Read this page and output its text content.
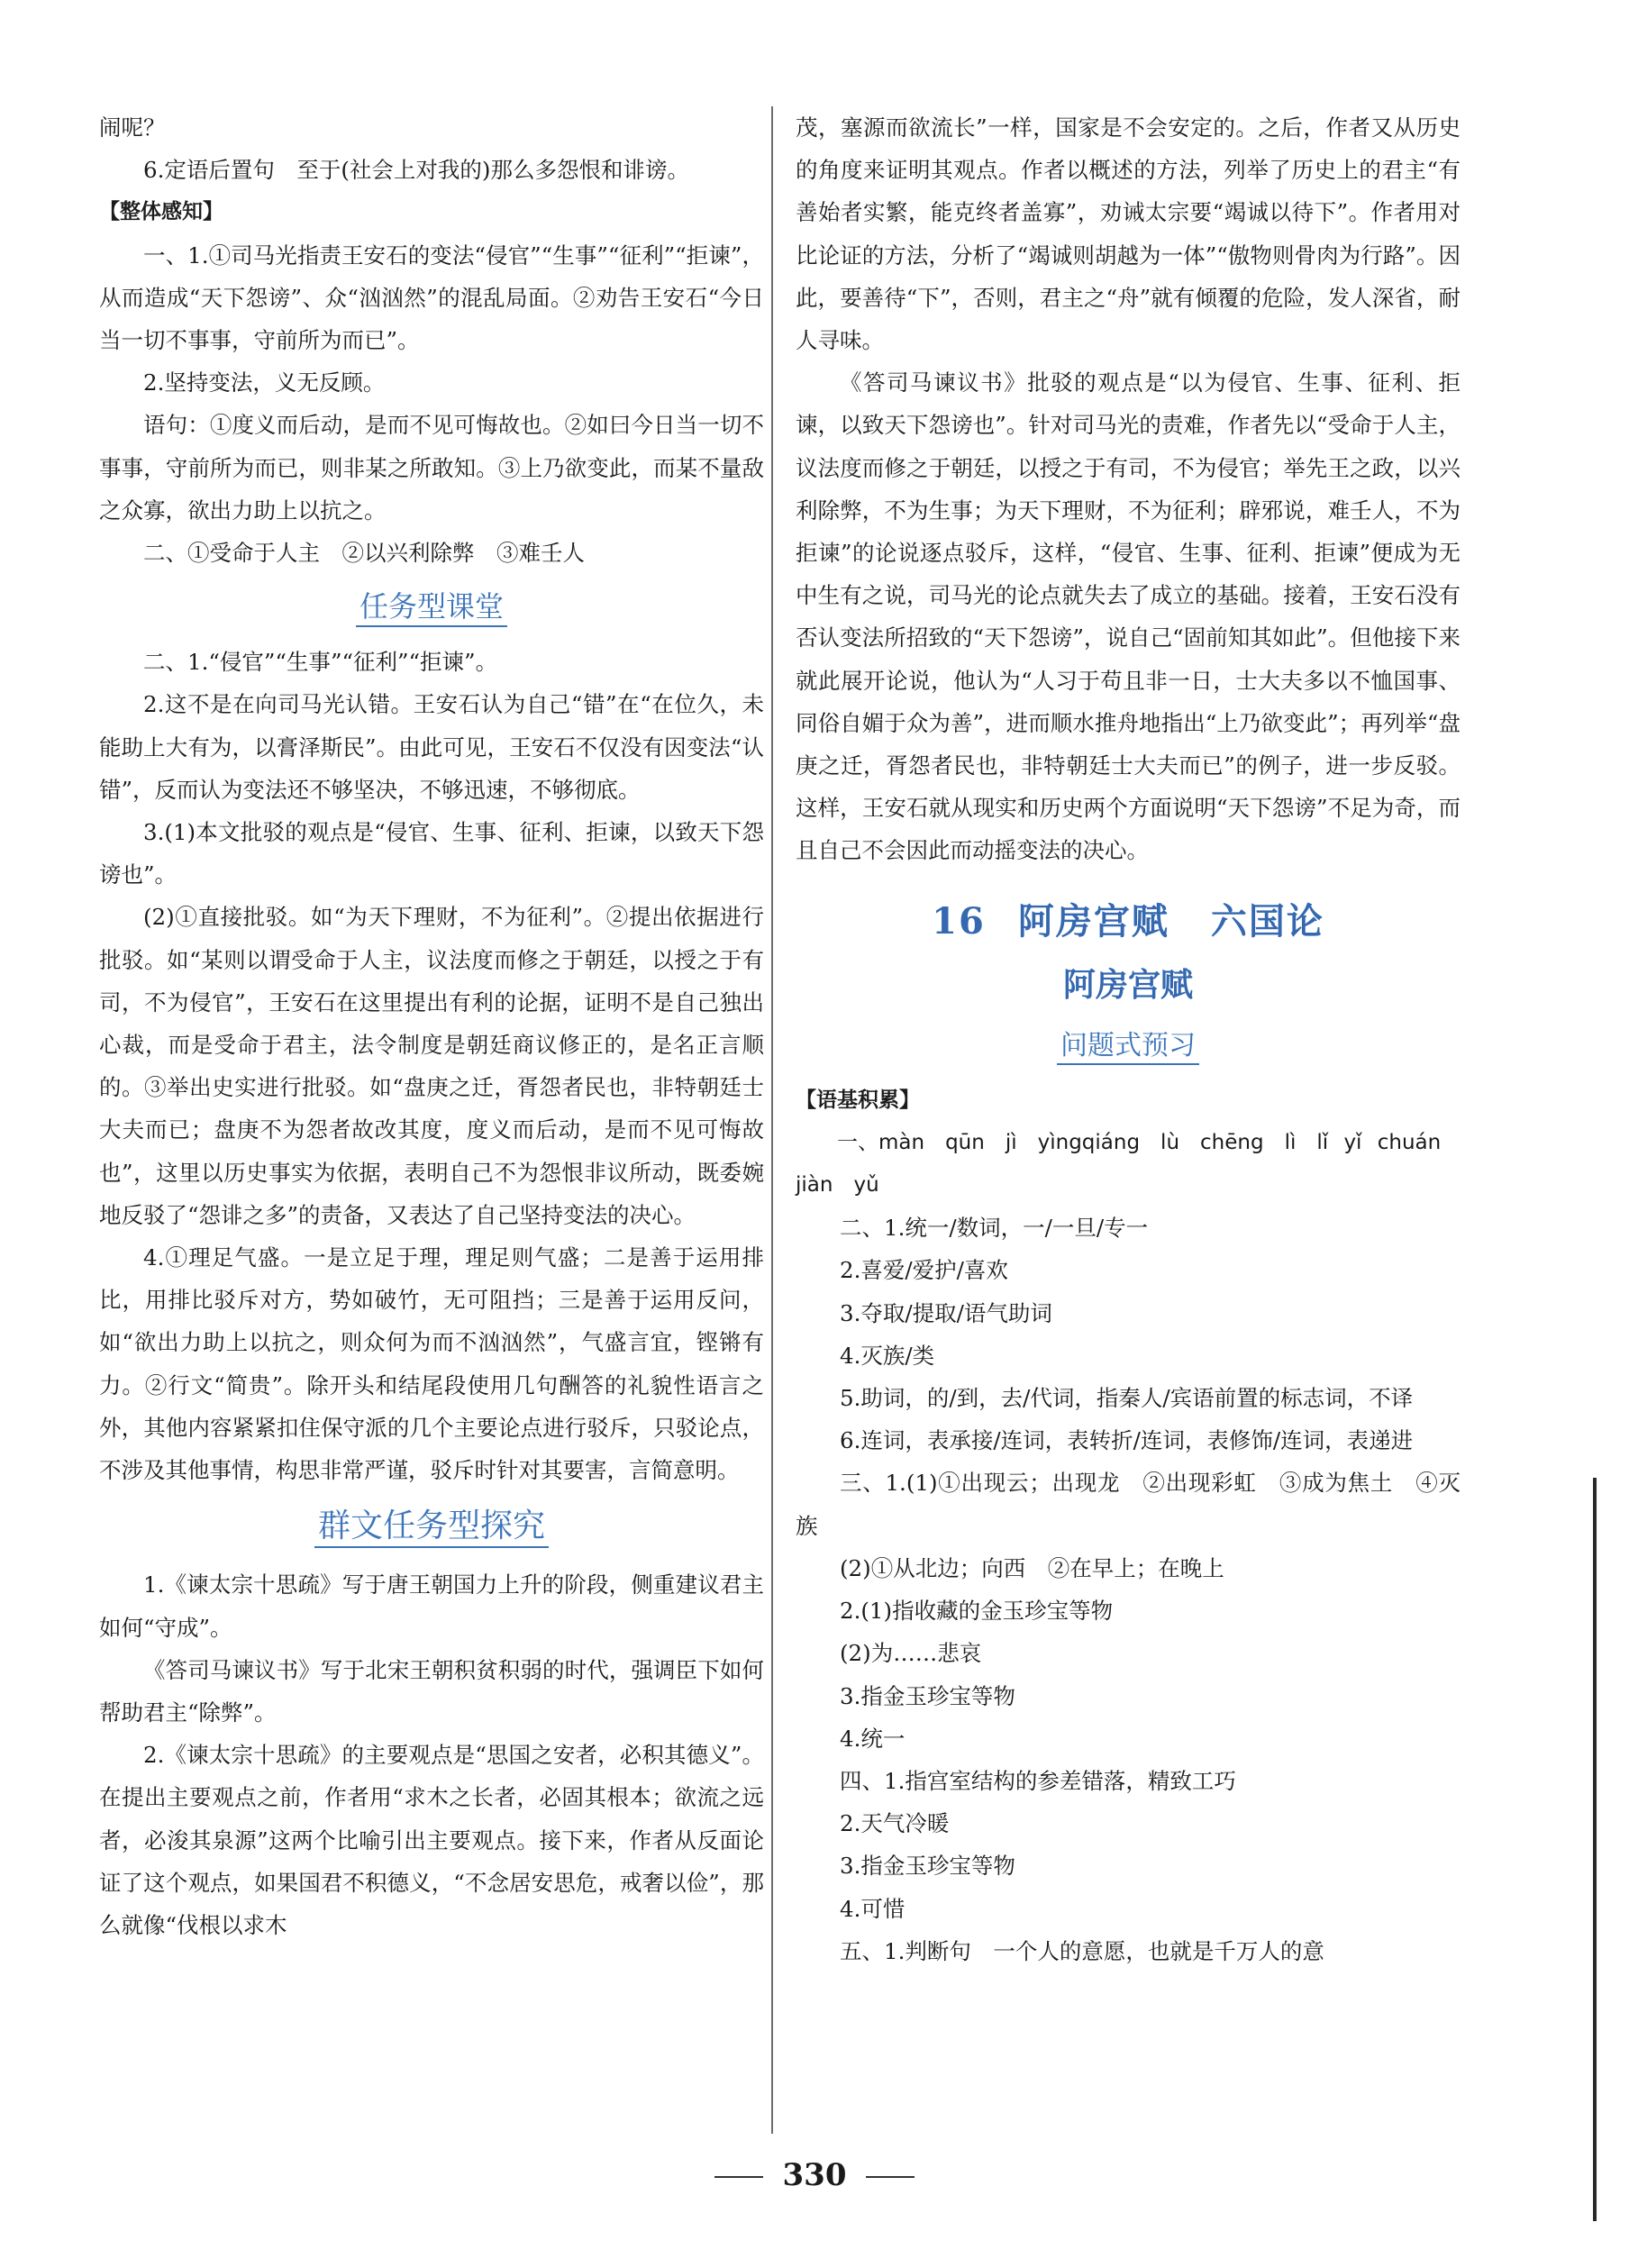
闹呢？

6.定语后置句　至于(社会上对我的)那么多怨恨和诽谤。

【整体感知】

一、1.①司马光指责王安石的变法“侵官”“生事”“征利”“拒谏”，从而造成“天下怨谤”、众“汹汹然”的混乱局面。②劝告王安石“今日当一切不事事，守前所为而已”。

2.坚持变法，义无反顾。

语句：①度义而后动，是而不见可悔故也。②如曰今日当一切不事事，守前所为而已，则非某之所敢知。③上乃欲变此，而某不量敌之众寡，欲出力助上以抗之。

二、①受命于人主　②以兴利除弊　③难壬人

任务型课堂

二、1.“侵官”“生事”“征利”“拒谏”。

2.这不是在向司马光认错。王安石认为自己“错”在“在位久，未能助上大有为，以膏泽斯民”。由此可见，王安石不仅没有因变法“认错”，反而认为变法还不够坚决，不够迅速，不够彻底。

3.(1)本文批驳的观点是“侵官、生事、征利、拒谏，以致天下怨谤也”。

(2)①直接批驳。如“为天下理财，不为征利”。②提出依据进行批驳。如“某则以谓受命于人主，议法度而修之于朝廷，以授之于有司，不为侵官”，王安石在这里提出有利的论据，证明不是自己独出心裁，而是受命于君主，法令制度是朝廷商议修正的，是名正言顺的。③举出史实进行批驳。如“盘庚之迁，胥怨者民也，非特朝廷士大夫而已；盘庚不为怨者故改其度，度义而后动，是而不见可悔故也”，这里以历史事实为依据，表明自己不为怨恨非议所动，既委婉地反驳了“怨诽之多”的责备，又表达了自己坚持变法的决心。

4.①理足气盛。一是立足于理，理足则气盛；二是善于运用排比，用排比驳斥对方，势如破竹，无可阻挡；三是善于运用反问，如“欲出力助上以抗之，则众何为而不汹汹然”，气盛言宜，铿锵有力。②行文“简贵”。除开头和结尾段使用几句酬答的礼貌性语言之外，其他内容紧紧扣住保守派的几个主要论点进行驳斥，只驳论点，不涉及其他事情，构思非常严谨，驳斥时针对其要害，言简意明。

群文任务型探究

1.《谏太宗十思疏》写于唐王朝国力上升的阶段，侧重建议君主如何“守成”。

《答司马谏议书》写于北宋王朝积贫积弱的时代，强调臣下如何帮助君主“除弊”。

2.《谏太宗十思疏》的主要观点是“思国之安者，必积其德义”。在提出主要观点之前，作者用“求木之长者，必固其根本；欲流之远者，必浚其泉源”这两个比喻引出主要观点。接下来，作者从反面论证了这个观点，如果国君不积德义，“不念居安思危，戒奢以俭”，那么就像“伐根以求木

茂，塞源而欲流长”一样，国家是不会安定的。之后，作者又从历史的角度来证明其观点。作者以概述的方法，列举了历史上的君主“有善始者实繁，能克终者盖寡”，劝诫太宗要“竭诚以待下”。作者用对比论证的方法，分析了“竭诚则胡越为一体”“傲物则骨肉为行路”。因此，要善待“下”，否则，君主之“舟”就有倾覆的危险，发人深省，耐人寻味。

《答司马谏议书》批驳的观点是“以为侵官、生事、征利、拒谏，以致天下怨谤也”。针对司马光的责难，作者先以“受命于人主，议法度而修之于朝廷，以授之于有司，不为侵官；举先王之政，以兴利除弊，不为生事；为天下理财，不为征利；辟邪说，难壬人，不为拒谏”的论说逐点驳斥，这样，“侵官、生事、征利、拒谏”便成为无中生有之说，司马光的论点就失去了成立的基础。接着，王安石没有否认变法所招致的“天下怨谤”，说自己“固前知其如此”。但他接下来就此展开论说，他认为“人习于苟且非一日，士大夫多以不恤国事、同俗自媚于众为善”，进而顺水推舟地指出“上乃欲变此”；再列举“盘庚之迁，胥怨者民也，非特朝廷士大夫而已”的例子，进一步反驳。这样，王安石就从现实和历史两个方面说明“天下怨谤”不足为奇，而且自己不会因此而动摇变法的决心。

16 阿房宫赋 六国论
阿房宫赋
问题式预习

【语基积累】

一、màn　qūn　jì　yìngqiáng　lù　chēng　lì　lǐ yǐ chuán　jiàn　yǔ

二、1.统一/数词，一/一旦/专一

2.喜爱/爱护/喜欢

3.夺取/提取/语气助词

4.灭族/类

5.助词，的/到，去/代词，指秦人/宾语前置的标志词，不译

6.连词，表承接/连词，表转折/连词，表修饰/连词，表递进

三、1.(1)①出现云；出现龙　②出现彩虹　③成为焦土　④灭族

(2)①从北边；向西　②在早上；在晚上

2.(1)指收藏的金玉珍宝等物

(2)为……悲哀

3.指金玉珍宝等物

4.统一

四、1.指宫室结构的参差错落，精致工巧

2.天气冷暖

3.指金玉珍宝等物

4.可惜

五、1.判断句　一个人的意愿，也就是千万人的意

330
